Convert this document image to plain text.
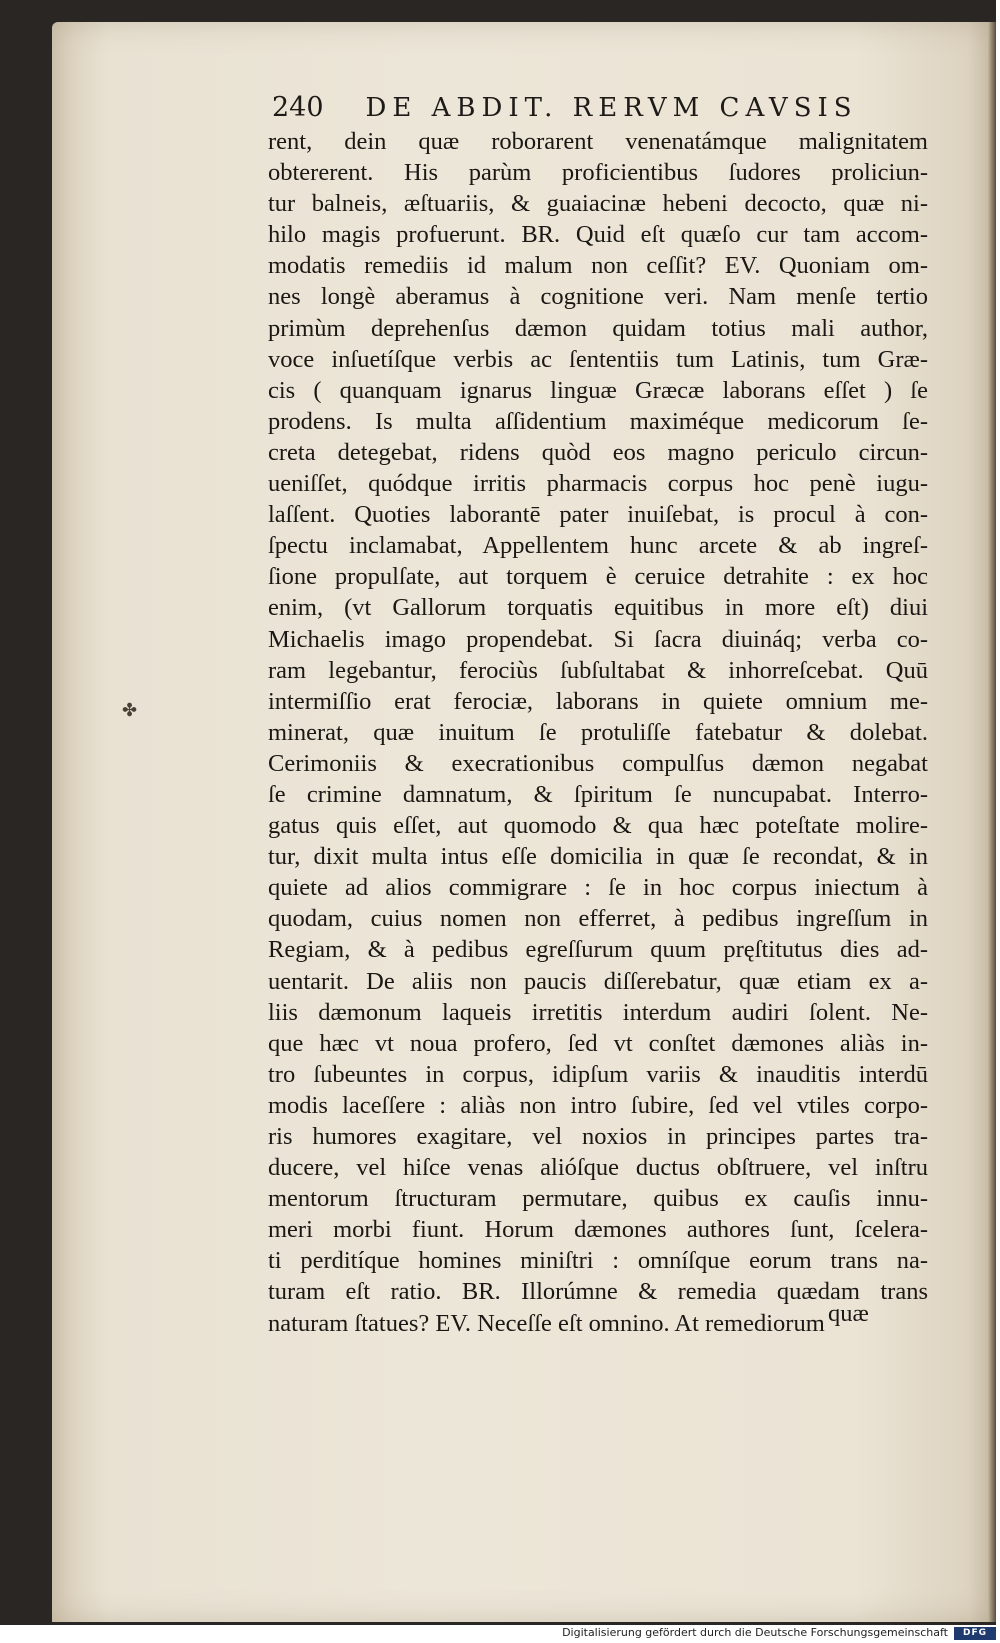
240 DE ABDIT. RERVM CAVSIS
✤
rent, dein quæ roborarent venenatámque malignitatem
obtererent. His parùm proficientibus ſudores proliciun-
tur balneis, æſtuariis, & guaiacinæ hebeni decocto, quæ ni-
hilo magis profuerunt. BR. Quid eſt quæſo cur tam accom-
modatis remediis id malum non ceſſit? EV. Quoniam om-
nes longè aberamus à cognitione veri. Nam menſe tertio
primùm deprehenſus dæmon quidam totius mali author,
voce inſuetíſque verbis ac ſententiis tum Latinis, tum Græ-
cis ( quanquam ignarus linguæ Græcæ laborans eſſet ) ſe
prodens. Is multa aſſidentium maximéque medicorum ſe-
creta detegebat, ridens quòd eos magno periculo circun-
ueniſſet, quódque irritis pharmacis corpus hoc penè iugu-
laſſent. Quoties laborantē pater inuiſebat, is procul à con-
ſpectu inclamabat, Appellentem hunc arcete & ab ingreſ-
ſione propulſate, aut torquem è ceruice detrahite : ex hoc
enim, (vt Gallorum torquatis equitibus in more eſt) diui
Michaelis imago propendebat. Si ſacra diuináq; verba co-
ram legebantur, ferociùs ſubſultabat & inhorreſcebat. Quū
intermiſſio erat ferociæ, laborans in quiete omnium me-
minerat, quæ inuitum ſe protuliſſe fatebatur & dolebat.
Cerimoniis & execrationibus compulſus dæmon negabat
ſe crimine damnatum, & ſpiritum ſe nuncupabat. Interro-
gatus quis eſſet, aut quomodo & qua hæc poteſtate molire-
tur, dixit multa intus eſſe domicilia in quæ ſe recondat, & in
quiete ad alios commigrare : ſe in hoc corpus iniectum à
quodam, cuius nomen non efferret, à pedibus ingreſſum in
Regiam, & à pedibus egreſſurum quum pręſtitutus dies ad-
uentarit. De aliis non paucis diſſerebatur, quæ etiam ex a-
liis dæmonum laqueis irretitis interdum audiri ſolent. Ne-
que hæc vt noua profero, ſed vt conſtet dæmones aliàs in-
tro ſubeuntes in corpus, idipſum variis & inauditis interdū
modis laceſſere : aliàs non intro ſubire, ſed vel vtiles corpo-
ris humores exagitare, vel noxios in principes partes tra-
ducere, vel hiſce venas alióſque ductus obſtruere, vel inſtru
mentorum ſtructuram permutare, quibus ex cauſis innu-
meri morbi fiunt. Horum dæmones authores ſunt, ſcelera-
ti perditíque homines miniſtri : omníſque eorum trans na-
turam eſt ratio. BR. Illorúmne & remedia quædam trans
naturam ſtatues? EV. Neceſſe eſt omnino. At remediorum quæ
Digitalisierung gefördert durch die Deutsche Forschungsgemeinschaft	DFG
